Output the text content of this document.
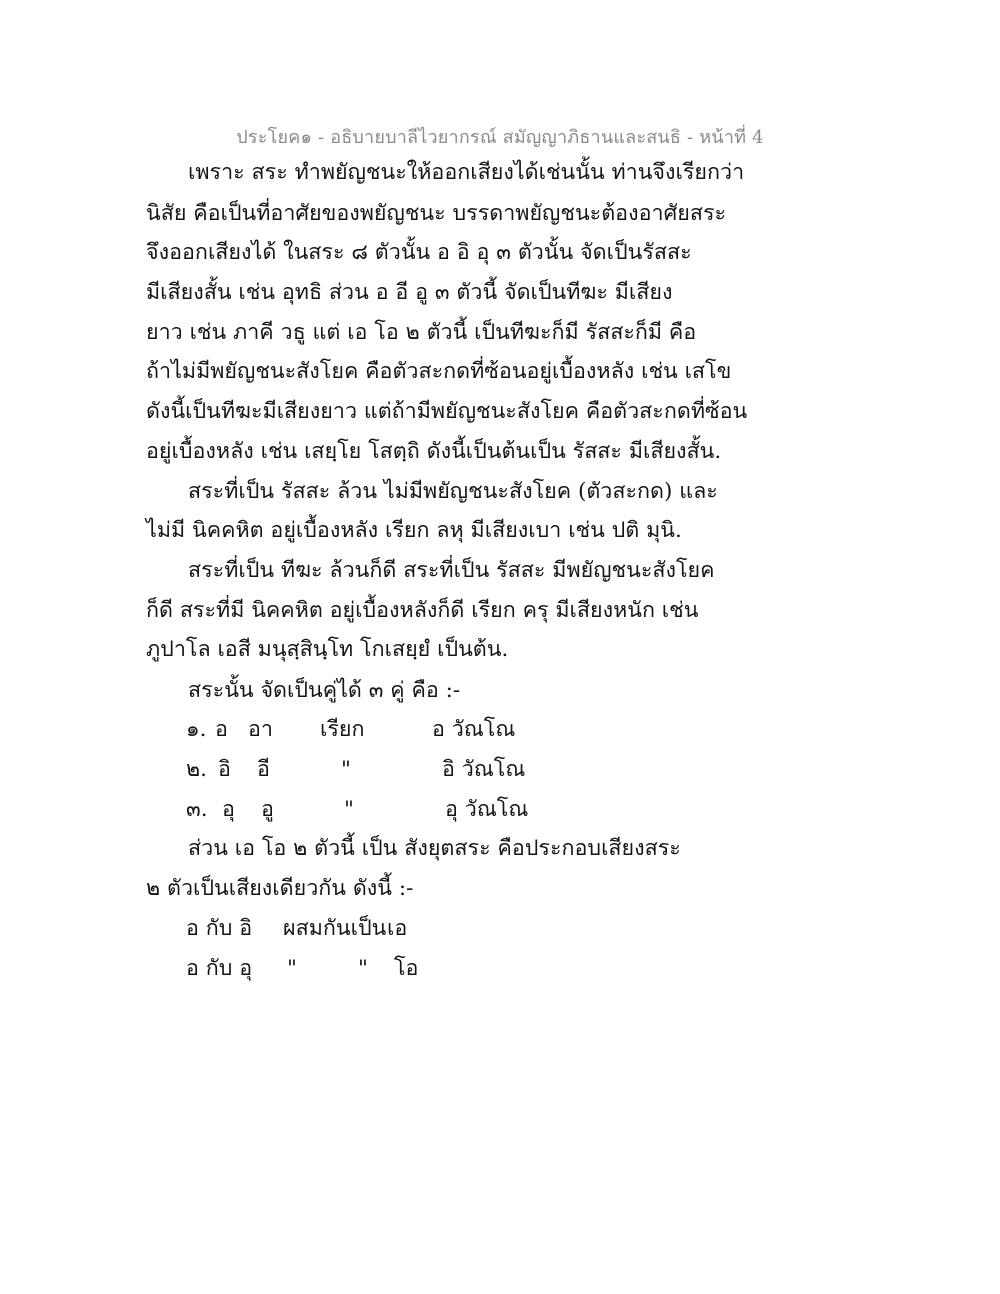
ประโยค๑ - อธิบายบาลีไวยากรณ์ สมัญญาภิธานและสนธิ - หน้าที่ 4
เพราะ สระ ทำพยัญชนะให้ออกเสียงได้เช่นนั้น ท่านจึงเรียกว่า
นิสัย คือเป็นที่อาศัยของพยัญชนะ บรรดาพยัญชนะต้องอาศัยสระ
จึงออกเสียงได้ ในสระ ๘ ตัวนั้น อ อิ อุ ๓ ตัวนั้น จัดเป็นรัสสะ
มีเสียงสั้น เช่น อุทธิ ส่วน อ อี อู ๓ ตัวนี้ จัดเป็นทีฆะ มีเสียง
ยาว เช่น ภาคี วธู แต่ เอ โอ ๒ ตัวนี้ เป็นทีฆะก็มี รัสสะก็มี คือ
ถ้าไม่มีพยัญชนะสังโยค คือตัวสะกดที่ซ้อนอยู่เบื้องหลัง เช่น เสโข
ดังนี้เป็นทีฆะมีเสียงยาว แต่ถ้ามีพยัญชนะสังโยค คือตัวสะกดที่ซ้อน
อยู่เบื้องหลัง เช่น เสยฺโย โสตฺถิ ดังนี้เป็นต้นเป็น รัสสะ มีเสียงสั้น.
สระที่เป็น รัสสะ ล้วน ไม่มีพยัญชนะสังโยค (ตัวสะกด) และ
ไม่มี นิคคหิต อยู่เบื้องหลัง เรียก ลหุ มีเสียงเบา เช่น ปติ มุนิ.
สระที่เป็น ทีฆะ ล้วนก็ดี สระที่เป็น รัสสะ มีพยัญชนะสังโยค
ก็ดี สระที่มี นิคคหิต อยู่เบื้องหลังก็ดี เรียก ครุ มีเสียงหนัก เช่น
ภูปาโล เอสี มนุสฺสินฺโท โกเสยฺยํ เป็นต้น.
สระนั้น จัดเป็นคู่ได้ ๓ คู่ คือ :-
๑. อ อา เรียก	อ วัณโณ
๒. อิ อี	"	อิ วัณโณ
๓. อุ อู	"	อุ วัณโณ
ส่วน เอ โอ ๒ ตัวนี้ เป็น สังยุตสระ คือประกอบเสียงสระ
๒ ตัวเป็นเสียงเดียวกัน ดังนี้ :-
อ กับ อิ ผสมกันเป็น เอ
อ กับ อุ "	" โอ
